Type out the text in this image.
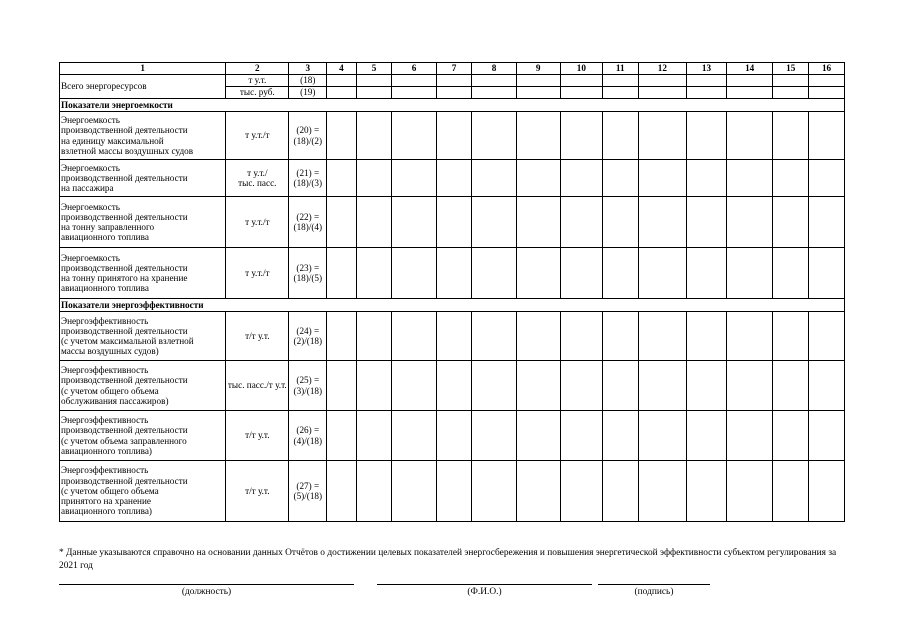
1	2	3	4	5	6	7	8	9	10	11	12	13	14	15	16
Всего энергоресурсов	т у.т.	(18)													
	тыс. руб.	(19)													
Показатели энергоемкости															
Энергоемкость
производственной деятельности
на единицу максимальной
взлетной массы воздушных судов	т у.т./т	(20) =
(18)/(2)													
Энергоемкость
производственной деятельности
на пассажира	т у.т./
тыс. пасс.	(21) =
(18)/(3)													
Энергоемкость
производственной деятельности
на тонну заправленного
авиационного топлива	т у.т./т	(22) =
(18)/(4)													
Энергоемкость
производственной деятельности
на тонну принятого на хранение
авиационного топлива	т у.т./т	(23) =
(18)/(5)													
Показатели энергоэффективности															
Энергоэффективность
производственной деятельности
(с учетом максимальной взлетной
массы воздушных судов)	т/т у.т.	(24) =
(2)/(18)													
Энергоэффективность
производственной деятельности
(с учетом общего объема
обслуживания пассажиров)	тыс. пасс./т у.т.	(25) =
(3)/(18)													
Энергоэффективность
производственной деятельности
(с учетом объема заправленного
авиационного топлива)	т/т у.т.	(26) =
(4)/(18)													
Энергоэффективность
производственной деятельности
(с учетом общего объема
принятого на хранение
авиационного топлива)	т/т у.т.	(27) =
(5)/(18)													
* Данные указываются справочно на основании данных Отчётов о достижении целевых показателей энергосбережения и повышения энергетической эффективности субъектом регулирования за 2021 год
(должность)	(Ф.И.О.)	(подпись)
